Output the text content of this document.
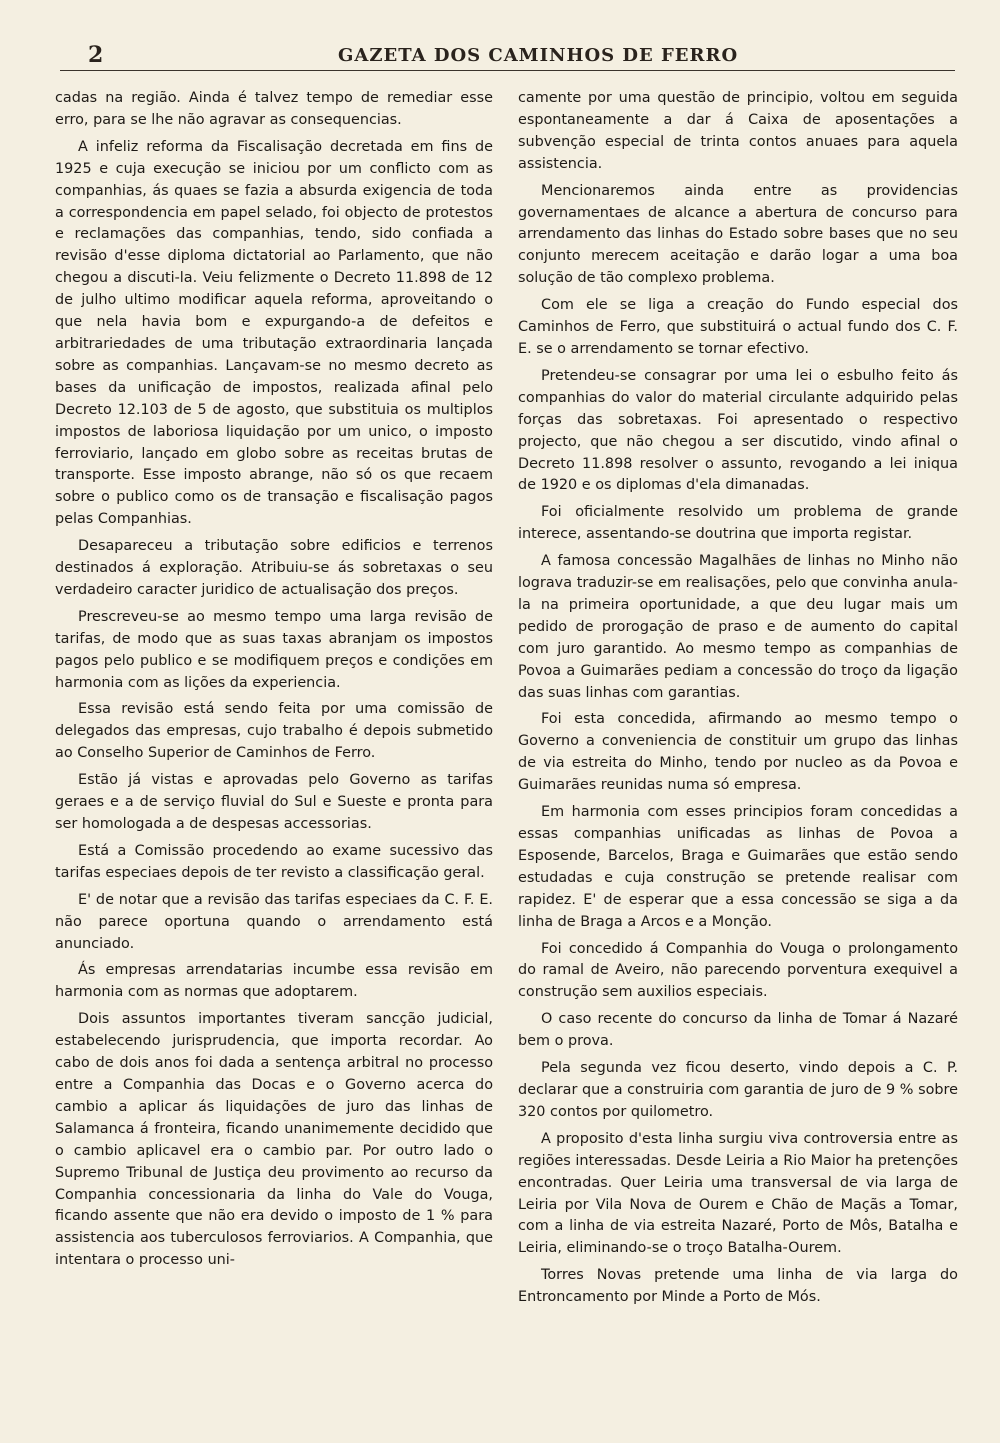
2	GAZETA DOS CAMINHOS DE FERRO

cadas na região. Ainda é talvez tempo de remediar esse erro, para se lhe não agravar as consequencias.

A infeliz reforma da Fiscalisação decretada em fins de 1925 e cuja execução se iniciou por um conflicto com as companhias, ás quaes se fazia a absurda exigencia de toda a correspondencia em papel selado, foi objecto de protestos e reclamações das companhias, tendo, sido confiada a revisão d'esse diploma dictatorial ao Parlamento, que não chegou a discuti-la. Veiu felizmente o Decreto 11.898 de 12 de julho ultimo modificar aquela reforma, aproveitando o que nela havia bom e expurgando-a de defeitos e arbitrariedades de uma tributação extraordinaria lançada sobre as companhias. Lançavam-se no mesmo decreto as bases da unificação de impostos, realizada afinal pelo Decreto 12.103 de 5 de agosto, que substituia os multiplos impostos de laboriosa liquidação por um unico, o imposto ferroviario, lançado em globo sobre as receitas brutas de transporte. Esse imposto abrange, não só os que recaem sobre o publico como os de transação e fiscalisação pagos pelas Companhias.

Desapareceu a tributação sobre edificios e terrenos destinados á exploração. Atribuiu-se ás sobretaxas o seu verdadeiro caracter juridico de actualisação dos preços.

Prescreveu-se ao mesmo tempo uma larga revisão de tarifas, de modo que as suas taxas abranjam os impostos pagos pelo publico e se modifiquem preços e condições em harmonia com as lições da experiencia.

Essa revisão está sendo feita por uma comissão de delegados das empresas, cujo trabalho é depois submetido ao Conselho Superior de Caminhos de Ferro.

Estão já vistas e aprovadas pelo Governo as tarifas geraes e a de serviço fluvial do Sul e Sueste e pronta para ser homologada a de despesas accessorias.

Está a Comissão procedendo ao exame sucessivo das tarifas especiaes depois de ter revisto a classificação geral.

E' de notar que a revisão das tarifas especiaes da C. F. E. não parece oportuna quando o arrendamento está anunciado.

Ás empresas arrendatarias incumbe essa revisão em harmonia com as normas que adoptarem.

Dois assuntos importantes tiveram sancção judicial, estabelecendo jurisprudencia, que importa recordar. Ao cabo de dois anos foi dada a sentença arbitral no processo entre a Companhia das Docas e o Governo acerca do cambio a aplicar ás liquidações de juro das linhas de Salamanca á fronteira, ficando unanimemente decidido que o cambio aplicavel era o cambio par. Por outro lado o Supremo Tribunal de Justiça deu provimento ao recurso da Companhia concessionaria da linha do Vale do Vouga, ficando assente que não era devido o imposto de 1 % para assistencia aos tuberculosos ferroviarios. A Companhia, que intentara o processo uni-

camente por uma questão de principio, voltou em seguida espontaneamente a dar á Caixa de aposentações a subvenção especial de trinta contos anuaes para aquela assistencia.

Mencionaremos ainda entre as providencias governamentaes de alcance a abertura de concurso para arrendamento das linhas do Estado sobre bases que no seu conjunto merecem aceitação e darão logar a uma boa solução de tão complexo problema.

Com ele se liga a creação do Fundo especial dos Caminhos de Ferro, que substituirá o actual fundo dos C. F. E. se o arrendamento se tornar efectivo.

Pretendeu-se consagrar por uma lei o esbulho feito ás companhias do valor do material circulante adquirido pelas forças das sobretaxas. Foi apresentado o respectivo projecto, que não chegou a ser discutido, vindo afinal o Decreto 11.898 resolver o assunto, revogando a lei iniqua de 1920 e os diplomas d'ela dimanadas.

Foi oficialmente resolvido um problema de grande interece, assentando-se doutrina que importa registar.

A famosa concessão Magalhães de linhas no Minho não lograva traduzir-se em realisações, pelo que convinha anula-la na primeira oportunidade, a que deu lugar mais um pedido de prorogação de praso e de aumento do capital com juro garantido. Ao mesmo tempo as companhias de Povoa a Guimarães pediam a concessão do troço da ligação das suas linhas com garantias.

Foi esta concedida, afirmando ao mesmo tempo o Governo a conveniencia de constituir um grupo das linhas de via estreita do Minho, tendo por nucleo as da Povoa e Guimarães reunidas numa só empresa.

Em harmonia com esses principios foram concedidas a essas companhias unificadas as linhas de Povoa a Esposende, Barcelos, Braga e Guimarães que estão sendo estudadas e cuja construção se pretende realisar com rapidez. E' de esperar que a essa concessão se siga a da linha de Braga a Arcos e a Monção.

Foi concedido á Companhia do Vouga o prolongamento do ramal de Aveiro, não parecendo porventura exequivel a construção sem auxilios especiais.

O caso recente do concurso da linha de Tomar á Nazaré bem o prova.

Pela segunda vez ficou deserto, vindo depois a C. P. declarar que a construiria com garantia de juro de 9 % sobre 320 contos por quilometro.

A proposito d'esta linha surgiu viva controversia entre as regiões interessadas. Desde Leiria a Rio Maior ha pretenções encontradas. Quer Leiria uma transversal de via larga de Leiria por Vila Nova de Ourem e Chão de Maçãs a Tomar, com a linha de via estreita Nazaré, Porto de Môs, Batalha e Leiria, eliminando-se o troço Batalha-Ourem.

Torres Novas pretende uma linha de via larga do Entroncamento por Minde a Porto de Mós.
